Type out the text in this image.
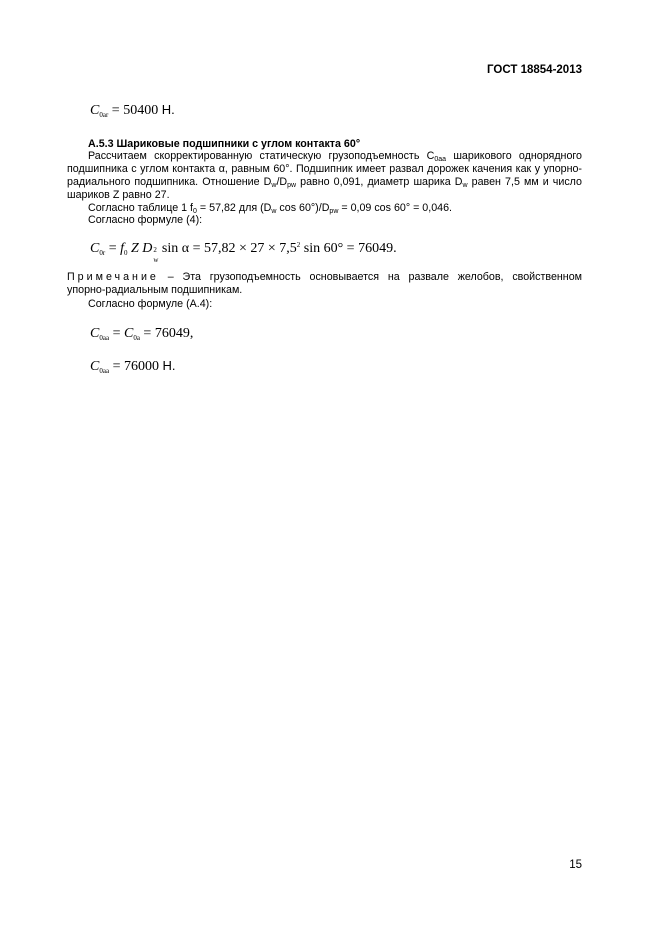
ГОСТ 18854-2013
$C_{0ar} = 50400$ Н.
А.5.3 Шариковые подшипники с углом контакта 60°
Рассчитаем скорректированную статическую грузоподъемность C0aa шарикового однорядного
подшипника с углом контакта α, равным 60°. Подшипник имеет развал дорожек качения как у упорно-
радиального подшипника. Отношение Dw/Dpw равно 0,091, диаметр шарика Dw равен 7,5 мм и число
шариков Z равно 27.
Согласно таблице 1 f0 = 57,82 для (Dw cos 60°)/Dpw = 0,09 cos 60° = 0,046.
Согласно формуле (4):
$C_{0r} = f_0$ Z D 2
w
$\sin \alpha = 57,82 \times 27 \times 7,5^2$ sin 60° = 76049.
Примечание – Эта грузоподъемность основывается на развале желобов, свойственном
упорно-радиальным подшипникам.
Согласно формуле (А.4):
$C_{0aa} = C_{0a} = 76049$,
$C_{0aa} = 76000$ Н.
15
